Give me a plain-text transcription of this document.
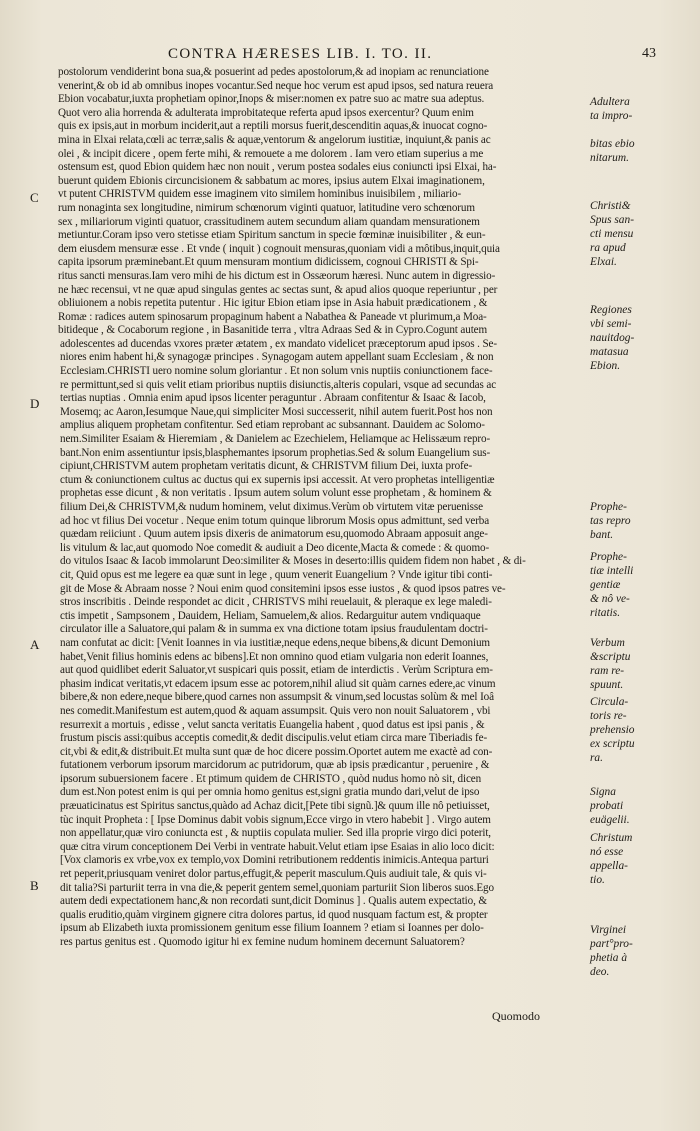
CONTRA HÆRESES LIB. I. TO. II.	43
postolorum vendiderint bona sua,& posuerint ad pedes apostolorum,& ad inopiam ac renunciatione
venerint,& ob id ab omnibus inopes vocantur.Sed neque hoc verum est apud ipsos, sed natura reuera
Ebion vocabatur,iuxta prophetiam opinor,Inops & miser:nomen ex patre suo ac matre sua adeptus.
Quot vero alia horrenda & adulterata improbitateque referta apud ipsos exercentur? Quum enim
quis ex ipsis,aut in morbum inciderit,aut a reptili morsus fuerit,descenditin aquas,& inuocat cogno-
mina in Elxai relata,cœli ac terræ,salis & aquæ,ventorum & angelorum iustitiæ, inquiunt,& panis ac
olei , & incipit dicere , opem ferte mihi, & remouete a me dolorem . Iam vero etiam superius a me
ostensum est, quod Ebion quidem hæc non nouit , verum postea sodales eius coniuncti ipsi Elxai, ha-
buerunt quidem Ebionis circuncisionem & sabbatum ac mores, ipsius autem Elxai imaginationem,
vt putent CHRISTVM quidem esse imaginem vito similem hominibus inuisibilem , miliario-
rum nonaginta sex longitudine, nimirum schœnorum viginti quatuor, latitudine vero schœnorum
sex , miliariorum viginti quatuor, crassitudinem autem secundum aliam quandam mensurationem
metiuntur.Coram ipso vero stetisse etiam Spiritum sanctum in specie fœminæ inuisibiliter , & eun-
dem eiusdem mensuræ esse . Et vnde ( inquit ) cognouit mensuras,quoniam vidi a môtibus,inquit,quia
capita ipsorum præminebant.Et quum mensuram montium didicissem, cognoui CHRISTI & Spi-
ritus sancti mensuras.Iam vero mihi de his dictum est in Ossæorum hæresi. Nunc autem in digressio-
ne hæc recensui, vt ne quæ apud singulas gentes ac sectas sunt, & apud alios quoque reperiuntur , per
obliuionem a nobis repetita putentur . Hic igitur Ebion etiam ipse in Asia habuit prædicationem , &
Romæ : radices autem spinosarum propaginum habent a Nabathea & Paneade vt plurimum,a Moa-
bitideque , & Cocaborum regione , in Basanitide terra , vltra Adraas Sed & in Cypro.Cogunt autem
adolescentes ad ducendas vxores præter ætatem , ex mandato videlicet præceptorum apud ipsos . Se-
niores enim habent hi,& synagogæ principes . Synagogam autem appellant suam Ecclesiam , & non
Ecclesiam.CHRISTI uero nomine solum gloriantur . Et non solum vnis nuptiis coniunctionem face-
re permittunt,sed si quis velit etiam prioribus nuptiis disiunctis,alteris copulari, vsque ad secundas ac
tertias nuptias . Omnia enim apud ipsos licenter peraguntur . Abraam confitentur & Isaac & Iacob,
Mosemq; ac Aaron,Iesumque Naue,qui simpliciter Mosi successerit, nihil autem fuerit.Post hos non
amplius aliquem prophetam confitentur. Sed etiam reprobant ac subsannant. Dauidem ac Solomo-
nem.Similiter Esaiam & Hieremiam , & Danielem ac Ezechielem, Heliamque ac Helissæum repro-
bant.Non enim assentiuntur ipsis,blasphemantes ipsorum prophetias.Sed & solum Euangelium sus-
cipiunt,CHRISTVM autem prophetam veritatis dicunt, & CHRISTVM filium Dei, iuxta profe-
ctum & coniunctionem cultus ac ductus qui ex supernis ipsi accessit. At vero prophetas intelligentiæ
prophetas esse dicunt , & non veritatis . Ipsum autem solum volunt esse prophetam , & hominem &
filium Dei,& CHRISTVM,& nudum hominem, velut diximus.Verùm ob virtutem vitæ peruenisse
ad hoc vt filius Dei vocetur . Neque enim totum quinque librorum Mosis opus admittunt, sed verba
quædam reiiciunt . Quum autem ipsis dixeris de animatorum esu,quomodo Abraam apposuit ange-
lis vitulum & lac,aut quomodo Noe comedit & audiuit a Deo dicente,Macta & comede : & quomo-
do vitulos Isaac & Iacob immolarunt Deo:similiter & Moses in deserto:illis quidem fidem non habet , & di-
cit, Quid opus est me legere ea quæ sunt in lege , quum venerit Euangelium ? Vnde igitur tibi conti-
git de Mose & Abraam nosse ? Noui enim quod consitemini ipsos esse iustos , & quod ipsos patres ve-
stros inscribitis . Deinde respondet ac dicit , CHRISTVS mihi reuelauit, & pleraque ex lege maledi-
ctis impetit , Sampsonem , Dauidem, Heliam, Samuelem,& alios. Redarguitur autem vndiquaque
circulator ille a Saluatore,qui palam & in summa ex vna dictione totam ipsius fraudulentam doctri-
nam confutat ac dicit: [Venit Ioannes in via iustitiæ,neque edens,neque bibens,& dicunt Demonium
habet,Venit filius hominis edens ac bibens].Et non omnino quod etiam vulgaria non ederit Ioannes,
aut quod quidlibet ederit Saluator,vt suspicari quis possit, etiam de interdictis . Verùm Scriptura em-
phasim indicat veritatis,vt edacem ipsum esse ac potorem,nihil aliud sit quàm carnes edere,ac vinum
bibere,& non edere,neque bibere,quod carnes non assumpsit & vinum,sed locustas solùm & mel Ioâ
nes comedit.Manifestum est autem,quod & aquam assumpsit. Quis vero non nouit Saluatorem , vbi
resurrexit a mortuis , edisse , velut sancta veritatis Euangelia habent , quod datus est ipsi panis , &
frustum piscis assi:quibus acceptis comedit,& dedit discipulis.velut etiam circa mare Tiberiadis fe-
cit,vbi & edit,& distribuit.Et multa sunt quæ de hoc dicere possim.Oportet autem me exactè ad con-
futationem verborum ipsorum marcidorum ac putridorum, quæ ab ipsis prædicantur , peruenire , &
ipsorum subuersionem facere . Et ptimum quidem de CHRISTO , quòd nudus homo nò sit, dicen
dum est.Non potest enim is qui per omnia homo genitus est,signi gratia mundo dari,velut de ipso
præuaticinatus est Spiritus sanctus,quàdo ad Achaz dicit,[Pete tibi signũ.]& quum ille nô petiuisset,
tùc inquit Propheta : [ Ipse Dominus dabit vobis signum,Ecce virgo in vtero habebit ] . Virgo autem
non appellatur,quæ viro coniuncta est , & nuptiis copulata mulier. Sed illa proprie virgo dici poterit,
quæ citra virum conceptionem Dei Verbi in ventrate habuit.Velut etiam ipse Esaias in alio loco dicit:
[Vox clamoris ex vrbe,vox ex templo,vox Domini retributionem reddentis inimicis.Antequa parturi
ret peperit,priusquam veniret dolor partus,effugit,& peperit masculum.Quis audiuit tale, & quis vi-
dit talia?Si parturiit terra in vna die,& peperit gentem semel,quoniam parturiit Sion liberos suos.Ego
autem dedi expectationem hanc,& non recordati sunt,dicit Dominus ] . Qualis autem expectatio, &
qualis eruditio,quàm virginem gignere citra dolores partus, id quod nusquam factum est, & propter
ipsum ab Elizabeth iuxta promissionem genitum esse filium Ioannem ? etiam si Ioannes per dolo-
res partus genitus est . Quomodo igitur hi ex femine nudum hominem decernunt Saluatorem?
Adultera
ta impro-
bitas ebio
nitarum.
Christi&
Spus san-
cti mensu
ra apud
Elxai.
Regiones
vbi semi-
nauitdog-
matasua
Ebion.
Prophe-
tas repro
bant.
Prophe-
tiæ intelli
gentiæ
& nô ve-
ritatis.
Verbum
&scriptu
ram re-
spuunt.
Circula-
toris re-
prehensio
ex scriptu
ra.
Signa
probati
euägelii.
Christum
nó esse
appella-
tio.
Virginei
part°pro-
phetia à
deo.
C
D
A
B
Quomodo
